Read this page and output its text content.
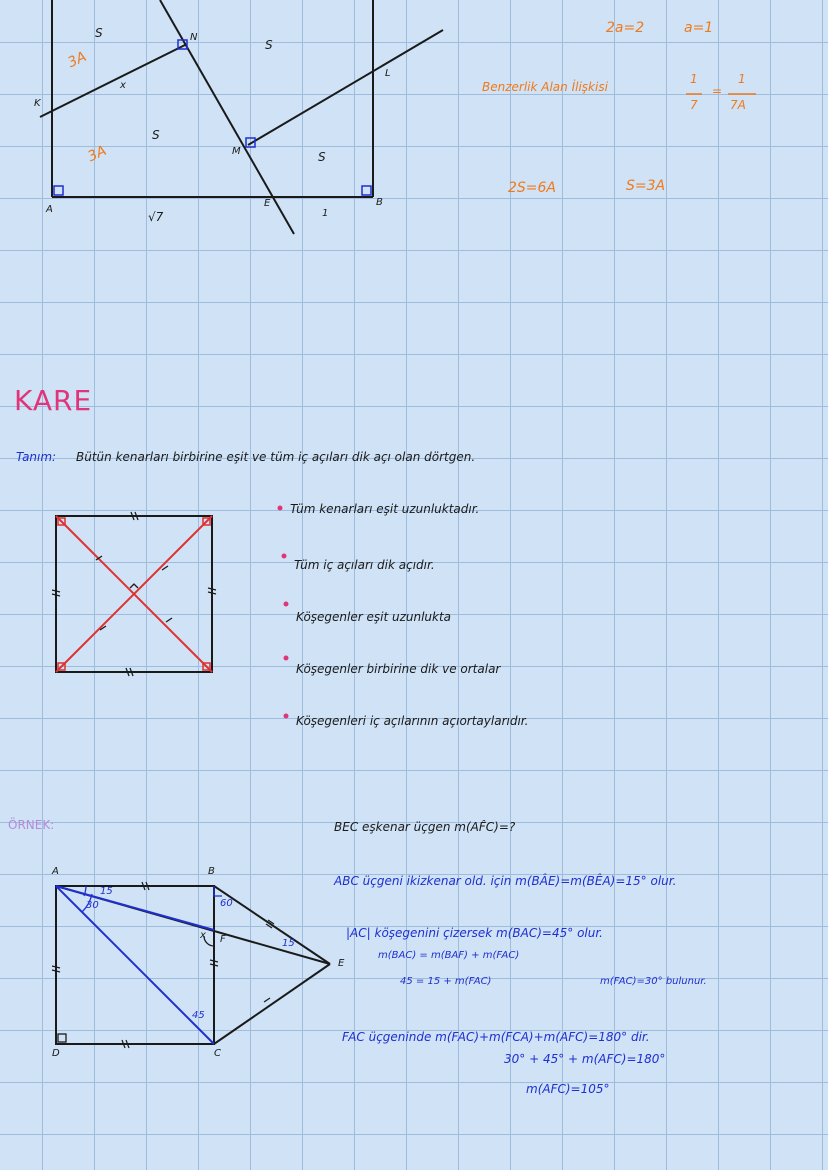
S
S
S
S
3A
3A
N
x
K
M
L
A
E	B
√7	1
2a=2	a=1
Benzerlik Alan İlişkisi
1
7
=
1
7A
2S=6A	S=3A
KARE
Tanım: Bütün kenarları birbirine eşit ve tüm iç açıları dik açı olan dörtgen.
Tüm kenarları eşit uzunluktadır.
Tüm iç açıları dik açıdır.
Köşegenler eşit uzunlukta
Köşegenler birbirine dik ve ortalar
Köşegenleri iç açılarının açıortaylarıdır.
ÖRNEK:
A	B
C
D
E
F
x
15
30	60
45
15
BEC eşkenar üçgen m(AF̂C)=?
ABC üçgeni ikizkenar old. için m(BÂE)=m(BÊA)=15° olur.
|AC| köşegenini çizersek m(BAC)=45° olur.
m(BAC) = m(BAF) + m(FAC)
45 = 15 + m(FAC)	m(FAC)=30° bulunur.
FAC üçgeninde m(FAC)+m(FCA)+m(AFC)=180° dir.
30° + 45° + m(AFC)=180°
m(AFC)=105°
